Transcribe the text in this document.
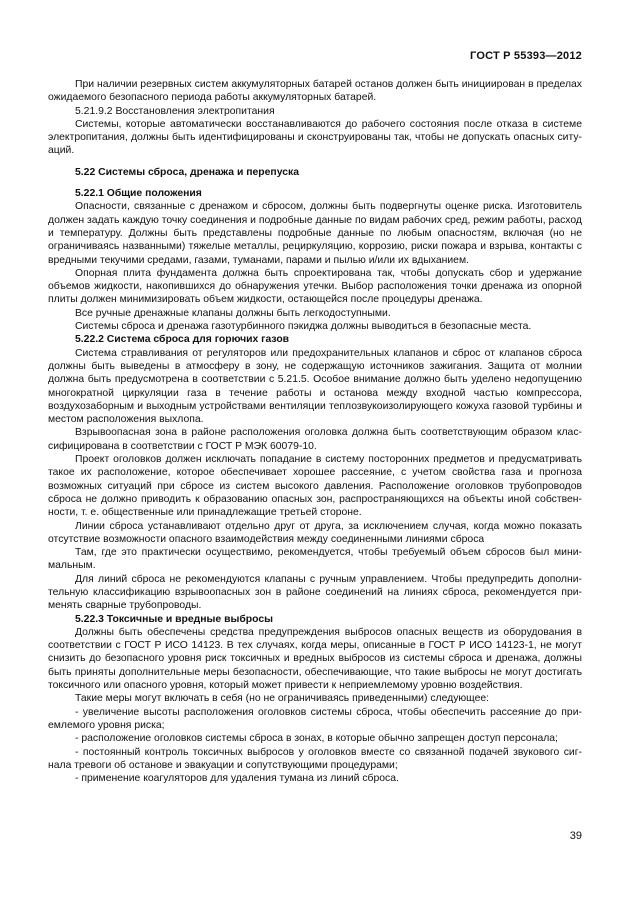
ГОСТ Р 55393—2012

При наличии резервных систем аккумуляторных батарей останов должен быть инициирован в пределах ожидаемого безопасного периода работы аккумуляторных батарей.

5.21.9.2 Восстановления электропитания

Системы, которые автоматически восстанавливаются до рабочего состояния после отказа в системе электропитания, должны быть идентифицированы и сконструированы так, чтобы не допускать опасных ситуаций.

5.22 Системы сброса, дренажа и перепуска

5.22.1 Общие положения

Опасности, связанные с дренажом и сбросом, должны быть подвергнуты оценке риска. Изготовитель должен задать каждую точку соединения и подробные данные по видам рабочих сред, режим работы, расход и температуру. Должны быть представлены подробные данные по любым опасностям, включая (но не ограничиваясь названными) тяжелые металлы, рециркуляцию, коррозию, риски пожара и взрыва, контакты с вредными текучими средами, газами, туманами, парами и пылью и/или их вдыханием.

Опорная плита фундамента должна быть спроектирована так, чтобы допускать сбор и удержание объемов жидкости, накопившихся до обнаружения утечки. Выбор расположения точки дренажа из опорной плиты должен минимизировать объем жидкости, остающейся после процедуры дренажа.

Все ручные дренажные клапаны должны быть легкодоступными.

Системы сброса и дренажа газотурбинного пэкиджа должны выводиться в безопасные места.

5.22.2 Система сброса для горючих газов

Система стравливания от регуляторов или предохранительных клапанов и сброс от клапанов сброса должны быть выведены в атмосферу в зону, не содержащую источников зажигания. Защита от молнии должна быть предусмотрена в соответствии с 5.21.5. Особое внимание должно быть уделено недопущению многократной циркуляции газа в течение работы и останова между входной частью компрессора, воздухозаборным и выходным устройствами вентиляции теплозвукоизолирующего кожуха газовой турбины и местом расположения выхлопа.

Взрывоопасная зона в районе расположения оголовка должна быть соответствующим образом классифицирована в соответствии с ГОСТ Р МЭК 60079-10.

Проект оголовков должен исключать попадание в систему посторонних предметов и предусматривать такое их расположение, которое обеспечивает хорошее рассеяние, с учетом свойства газа и прогноза возможных ситуаций при сбросе из систем высокого давления. Расположение оголовков трубопроводов сброса не должно приводить к образованию опасных зон, распространяющихся на объекты иной собственности, т. е. общественные или принадлежащие третьей стороне.

Линии сброса устанавливают отдельно друг от друга, за исключением случая, когда можно показать отсутствие возможности опасного взаимодействия между соединенными линиями сброса

Там, где это практически осуществимо, рекомендуется, чтобы требуемый объем сбросов был минимальным.

Для линий сброса не рекомендуются клапаны с ручным управлением. Чтобы предупредить дополнительную классификацию взрывоопасных зон в районе соединений на линиях сброса, рекомендуется применять сварные трубопроводы.

5.22.3 Токсичные и вредные выбросы

Должны быть обеспечены средства предупреждения выбросов опасных веществ из оборудования в соответствии с ГОСТ Р ИСО 14123. В тех случаях, когда меры, описанные в ГОСТ Р ИСО 14123-1, не могут снизить до безопасного уровня риск токсичных и вредных выбросов из системы сброса и дренажа, должны быть приняты дополнительные меры безопасности, обеспечивающие, что такие выбросы не могут достигать токсичного или опасного уровня, который может привести к неприемлемому уровню воздействия.

Такие меры могут включать в себя (но не ограничиваясь приведенными) следующее:

- увеличение высоты расположения оголовков системы сброса, чтобы обеспечить рассеяние до приемлемого уровня риска;

- расположение оголовков системы сброса в зонах, в которые обычно запрещен доступ персонала;

- постоянный контроль токсичных выбросов у оголовков вместе со связанной подачей звукового сигнала тревоги об останове и эвакуации и сопутствующими процедурами;

- применение коагуляторов для удаления тумана из линий сброса.

39
